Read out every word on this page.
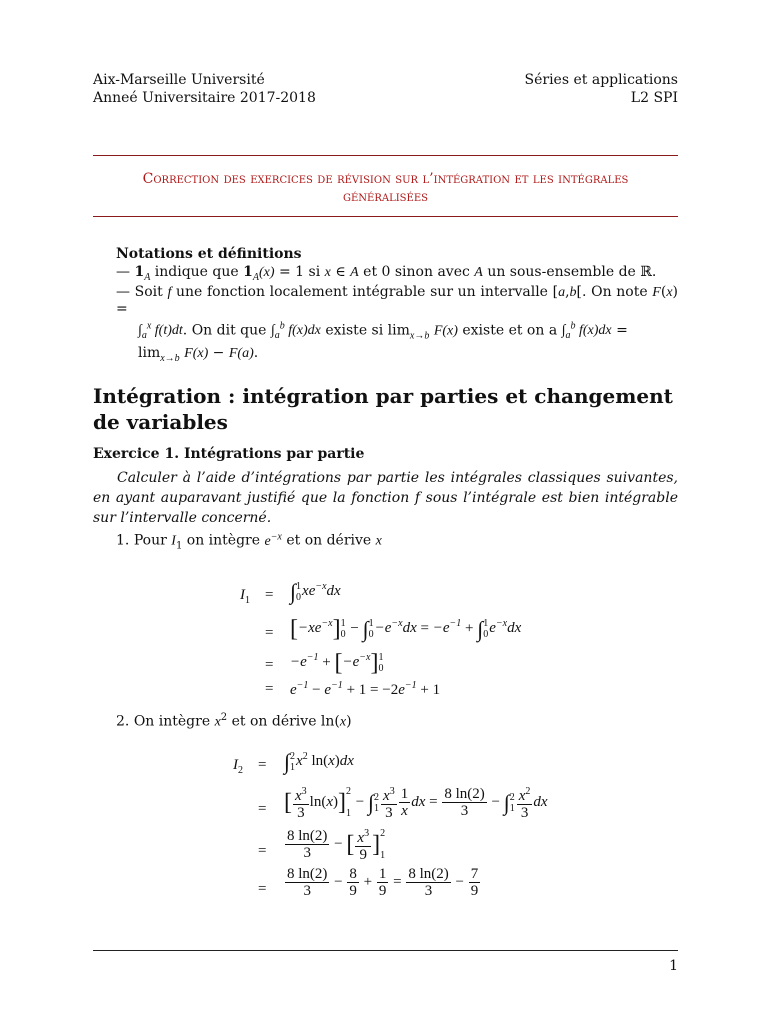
Aix-Marseille Université
Anneé Universitaire 2017-2018
Séries et applications
L2 SPI
Correction des exercices de révision sur l’intégration et les intégrales
généralisées
Notations et définitions
— $1_A$ indique que $1_A(x) = 1$ si x ∈ A et 0 sinon avec A un sous-ensemble de ℝ.
— Soit f une fonction localement intégrable sur un intervalle [a,b[. On note F(x) =
$\int_a^x$ f(t)dt. On dit que $\int_a^b$ f(x)dx existe si $\lim_{x\to b} F(x)$ existe et on a $\int_a^b$ f(x)dx =
$\lim_{x\to b} F(x) - F(a)$.
Intégration : intégration par parties et changement de variables
Exercice 1. Intégrations par partie
Calculer à l’aide d’intégrations par partie les intégrales classiques suivantes, en ayant auparavant justifié que la fonction f sous l’intégrale est bien intégrable sur l’intervalle concerné.
1. Pour $I_1$ on intègre $e^{-x}$ et on dérive x
$I_1 = \int 1$
$0xe^{-x}dx$
= $[-xe^{-x}]1$
0 − ∫1
$0-e^{-x}dx = -e^{-1} + \int 1$
$0e^{-x}dx$
= $-e^{-1} + [-e^{-x}]1$
0
= $e^{-1} - e^{-1} + 1 = -2e^{-1} + 1$
2. On intègre $x^2$ et on dérive ln(x)
$I_2 = \int 2$
$1x^2$ ln(x)dx
= [ $\frac{x^3}{3} \ln(x)]2$

1 − ∫2
$1 \frac{x^3}{3} \frac{1}{x}$ dx = $\frac{8 \ln(2)}{3} - \int 2$
$1 \frac{x^2}{3}$ dx
= $\frac{8 \ln(2)}{3}$ − [ $\frac{x^3}{9} ]2$

1
= $\frac{8 \ln(2)}{3} - \frac{8}{9} + \frac{1}{9} = \frac{8 \ln(2)}{3} - \frac{7}{9}$
1
